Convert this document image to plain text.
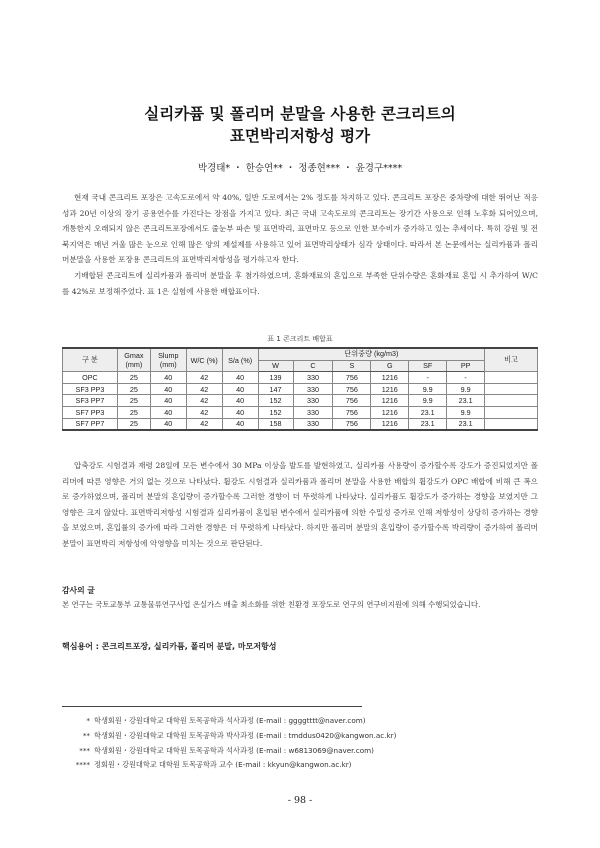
실리카퓸 및 폴리머 분말을 사용한 콘크리트의
표면박리저항성 평가
박경태* ・ 한승연** ・ 정종현*** ・ 윤경구****

현재 국내 콘크리트 포장은 고속도로에서 약 40%, 일반 도로에서는 2% 정도를 차지하고 있다. 콘크리트 포장은 중차량에 대한 뛰어난 적응성과 20년 이상의 장기 공용연수를 가진다는 장점을 가지고 있다. 최근 국내 고속도로의 콘크리트는 장기간 사용으로 인해 노후화 되어있으며, 개통한지 오래되지 않은 콘크리트포장에서도 줄눈부 파손 및 표면박리, 표면마모 등으로 인한 보수비가 증가하고 있는 추세이다. 특히 강원 및 전북지역은 매년 겨울 많은 눈으로 인해 많은 양의 제설제를 사용하고 있어 표면박리상태가 심각 상태이다. 따라서 본 논문에서는 실리카퓸과 폴리머분말을 사용한 포장용 콘크리트의 표면박리저항성을 평가하고자 한다.

기배합된 콘크리트에 실리카퓸과 폴리머 분말을 후 첨가하였으며, 혼화재료의 혼입으로 부족한 단위수량은 혼화재료 혼입 시 추가하여 W/C를 42%로 보정해주었다. 표 1은 실험에 사용한 배합표이다.

표 1 콘크리트 배합표
구 분	Gmax (mm)	Slump (mm)	W/C (%)	S/a (%)	단위중량 (kg/m3)						비고
					W	C	S	G	SF	PP	
OPC	25	40	42	40	139	330	756	1216	-	-	
SF3 PP3	25	40	42	40	147	330	756	1216	9.9	9.9	
SF3 PP7	25	40	42	40	152	330	756	1216	9.9	23.1	
SF7 PP3	25	40	42	40	152	330	756	1216	23.1	9.9	
SF7 PP7	25	40	42	40	158	330	756	1216	23.1	23.1	

압축강도 시험결과 재령 28일에 모든 변수에서 30 MPa 이상을 발도를 발현하였고, 실리카퓸 사용량이 증가할수록 강도가 증진되었지만 폴리머에 따른 영향은 거의 없는 것으로 나타났다. 휨강도 시험결과 실리카퓸과 폴리머 분말을 사용한 배합의 휨강도가 OPC 배합에 비해 큰 폭으로 증가하였으며, 폴리머 분말의 혼입량이 증가할수록 그러한 경향이 더 뚜렷하게 나타났다. 실리카퓸도 휨강도가 증가하는 경향을 보였지만 그 영향은 크지 않았다. 표면박리저항성 시험결과 실리카퓸이 혼입된 변수에서 실리카퓸에 의한 수밀성 증가로 인해 저항성이 상당히 증가하는 경향을 보였으며, 혼입률의 증가에 따라 그러한 경향은 더 뚜렷하게 나타났다. 하지만 폴리머 분말의 혼입량이 증가할수록 박리량이 증가하여 폴리머 분말이 표면박리 저항성에 악영향을 미치는 것으로 판단된다.

감사의 글
본 연구는 국토교통부 교통물류연구사업 온실가스 배출 최소화를 위한 친환경 포장도로 연구의 연구비지원에 의해 수행되었습니다.
핵심용어 : 콘크리트포장, 실리카퓸, 폴리머 분말, 마모저항성
* 학생회원・강원대학교 대학원 토목공학과 석사과정 (E-mail : ggggtttt@naver.com)
** 학생회원・강원대학교 대학원 토목공학과 박사과정 (E-mail : tmddus0420@kangwon.ac.kr)
*** 학생회원・강원대학교 대학원 토목공학과 석사과정 (E-mail : w6813069@naver.com)
**** 정회원・강원대학교 대학원 토목공학과 교수 (E-mail : kkyun@kangwon.ac.kr)
- 98 -
